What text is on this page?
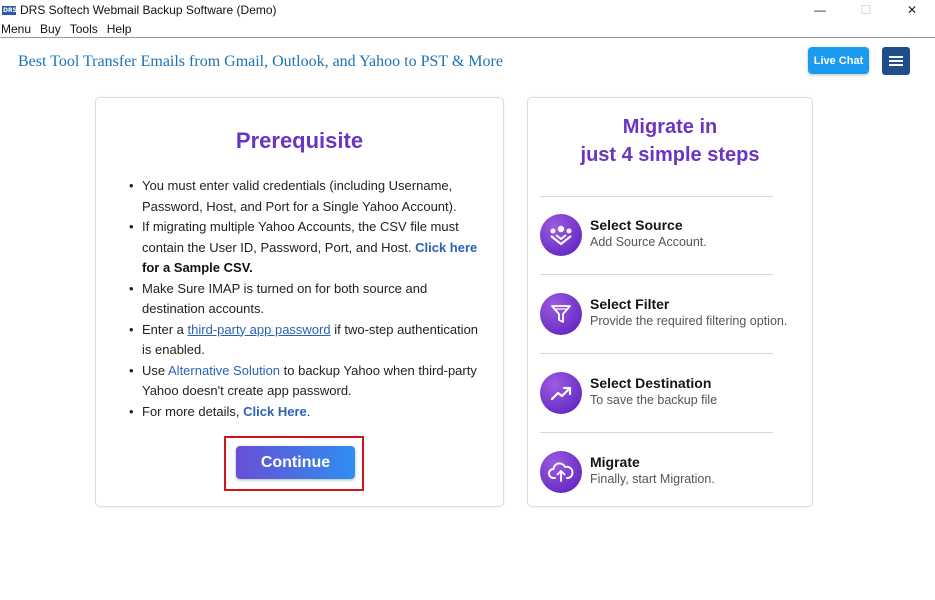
DRS DRS Softech Webmail Backup Software (Demo)	—	☐	✕
Menu Buy Tools Help
Best Tool Transfer Emails from Gmail, Outlook, and Yahoo to PST & More	Live Chat
Prerequisite
• You must enter valid credentials (including Username, Password, Host, and Port for a Single Yahoo Account).
• If migrating multiple Yahoo Accounts, the CSV file must contain the User ID, Password, Port, and Host. Click here for a Sample CSV.
• Make Sure IMAP is turned on for both source and destination accounts.
• Enter a third-party app password if two-step authentication is enabled.
• Use Alternative Solution to backup Yahoo when third-party Yahoo doesn't create app password.
• For more details, Click Here.
Continue
Migrate in
just 4 simple steps
Select Source
Add Source Account.
Select Filter
Provide the required filtering option.
Select Destination
To save the backup file
Migrate
Finally, start Migration.
